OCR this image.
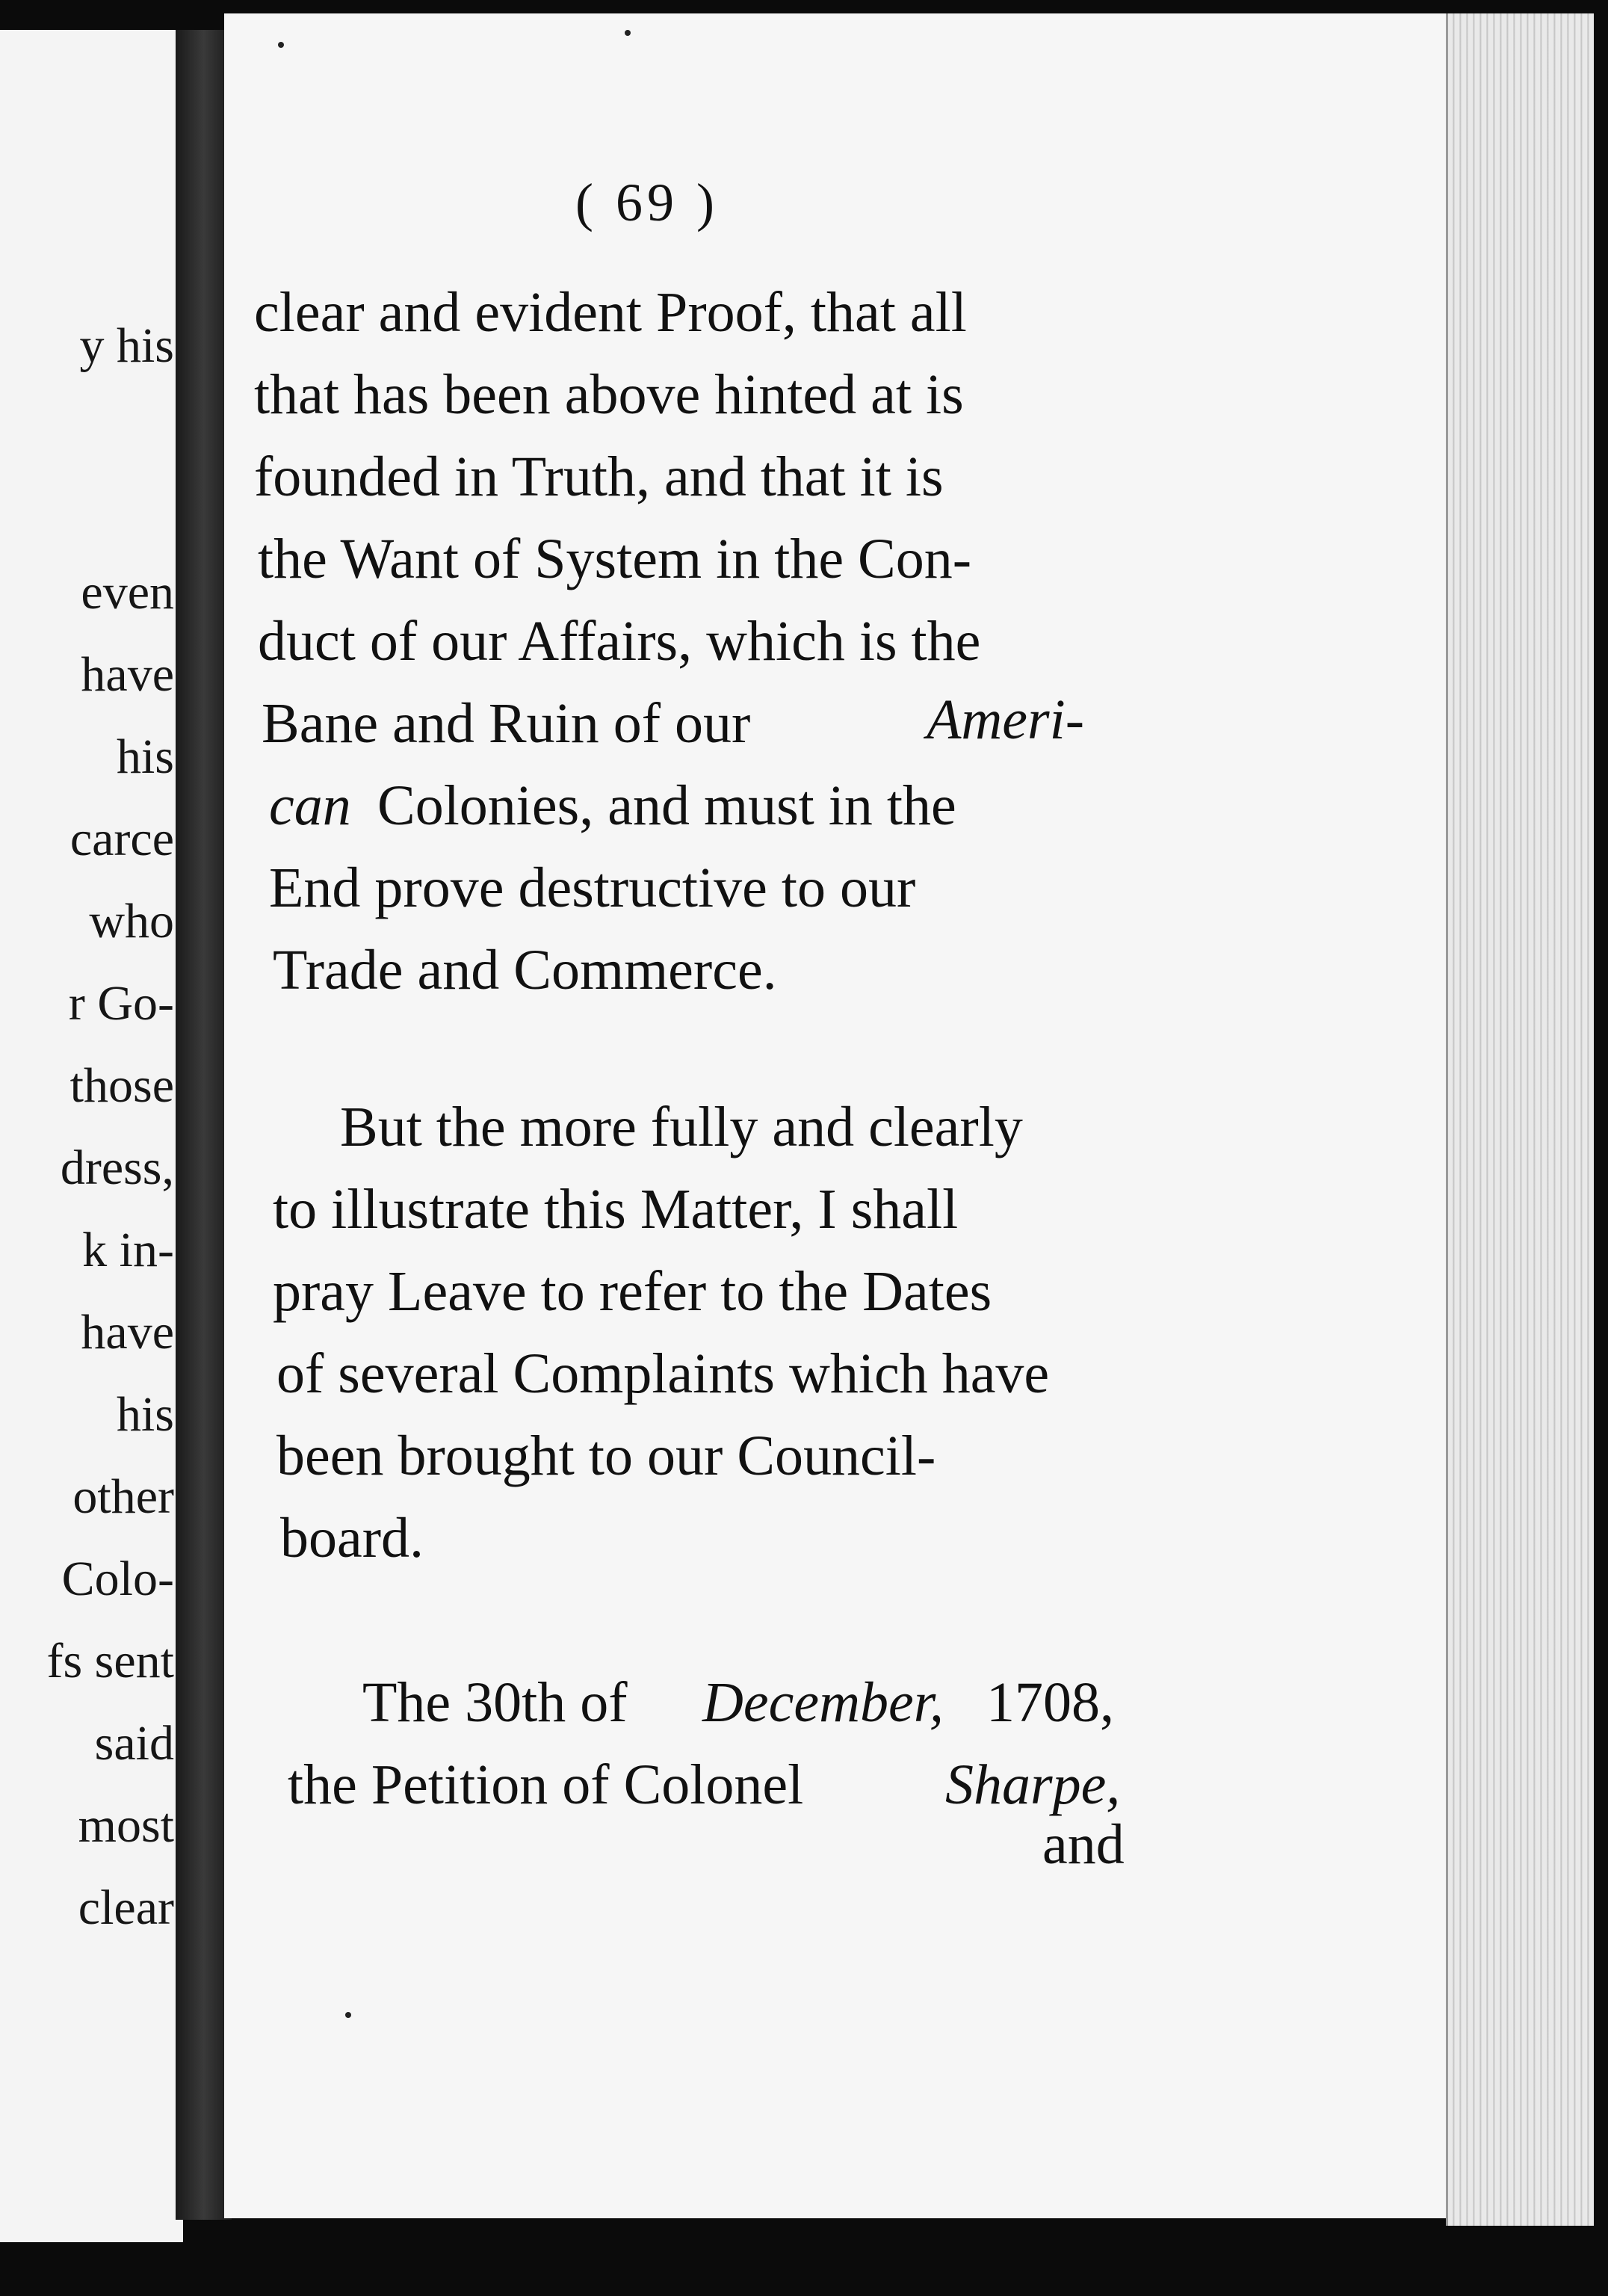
y his
even
have
his
carce
who
r Go-
those
dress,
k in-
have
his
other
Colo-
fs sent
said
most
clear
( 69 )
clear and evident Proof, that all
that has been above hinted at is
founded in Truth, and that it is
the Want of System in the Con-
duct of our Affairs, which is the
Bane and Ruin of our	Ameri-
can Colonies, and must in the
End prove destructive to our
Trade and Commerce.
But the more fully and clearly
to illustrate this Matter, I shall
pray Leave to refer to the Dates
of several Complaints which have
been brought to our Council-
board.
The 30th of December, 1708,
the Petition of Colonel Sharpe,
and
